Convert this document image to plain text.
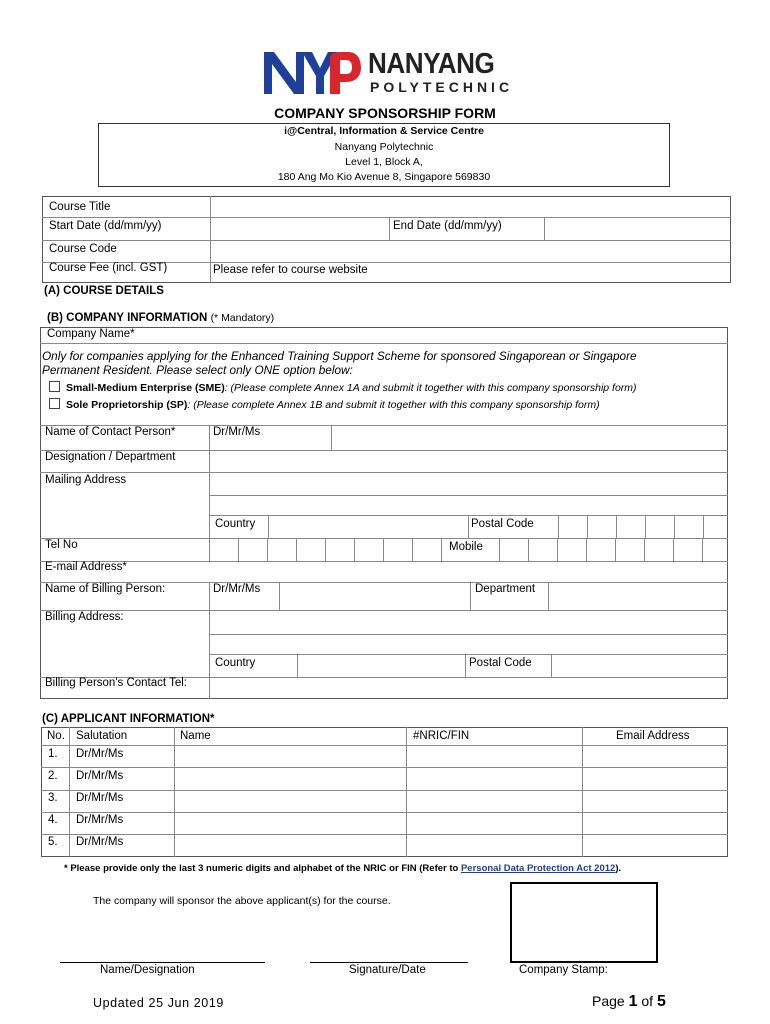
NANYANG
POLYTECHNIC
COMPANY SPONSORSHIP FORM
i@Central, Information & Service Centre
Nanyang Polytechnic
Level 1, Block A,
180 Ang Mo Kio Avenue 8, Singapore 569830
Course Title
Start Date (dd/mm/yy)	End Date (dd/mm/yy)
Course Code
Course Fee (incl. GST)	Please refer to course website
(A) COURSE DETAILS
(B) COMPANY INFORMATION (* Mandatory)
Company Name*
Only for companies applying for the Enhanced Training Support Scheme for sponsored Singaporean or Singapore
Permanent Resident. Please select only ONE option below:
Small-Medium Enterprise (SME): (Please complete Annex 1A and submit it together with this company sponsorship form)
Sole Proprietorship (SP): (Please complete Annex 1B and submit it together with this company sponsorship form)
Name of Contact Person*	Dr/Mr/Ms
Designation / Department
Mailing Address
Country	Postal Code
Tel No	Mobile
E-mail Address*
Name of Billing Person:	Dr/Mr/Ms	Department
Billing Address:
Country	Postal Code
Billing Person's Contact Tel:
(C) APPLICANT INFORMATION*
No. Salutation	Name	#NRIC/FIN	Email Address
1. Dr/Mr/Ms
2. Dr/Mr/Ms
3. Dr/Mr/Ms
4. Dr/Mr/Ms
5. Dr/Mr/Ms
* Please provide only the last 3 numeric digits and alphabet of the NRIC or FIN (Refer to Personal Data Protection Act 2012).
The company will sponsor the above applicant(s) for the course.
Name/Designation	Signature/Date	Company Stamp:
Updated 25 Jun 2019	Page 1 of 5
